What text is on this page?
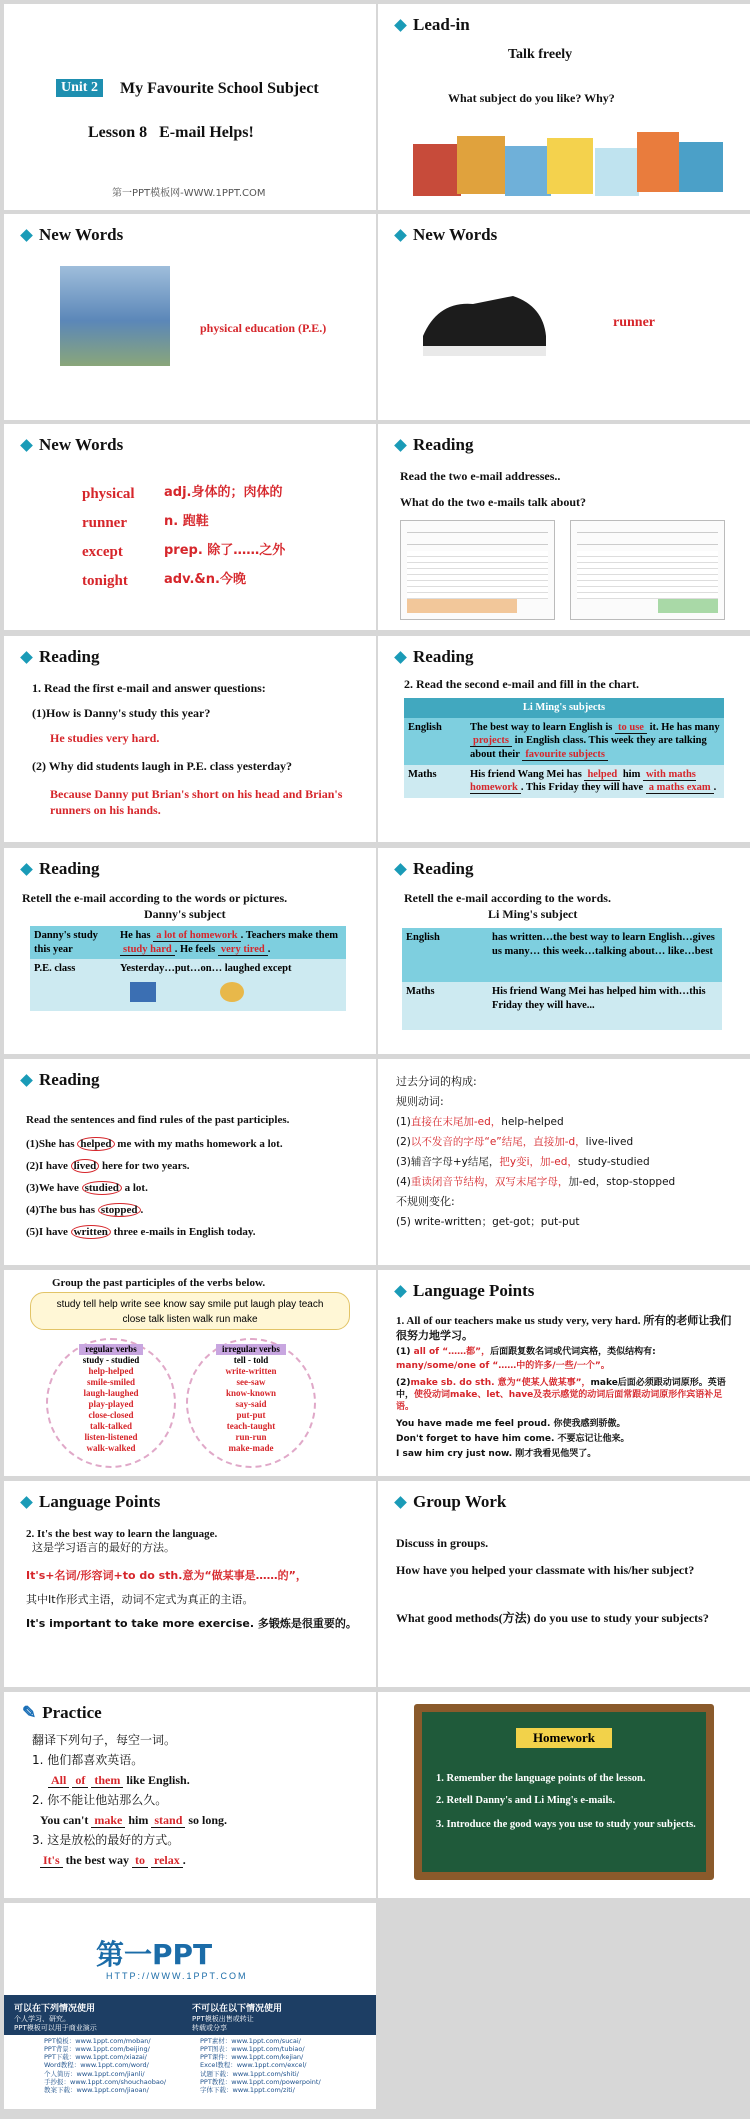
Unit 2	My Favourite School Subject
Lesson 8   E-mail Helps!
第一PPT模板网-WWW.1PPT.COM
Lead-in
Talk freely
What subject do you like? Why?
New Words
physical education (P.E.)
New Words
runner
New Words
physical adj.身体的；肉体的
runner	n. 跑鞋
except	prep. 除了……之外
tonight	adv.&n.今晚
Reading
Read the two e-mail addresses..
What do the two e-mails talk about?
Reading
1. Read the first e-mail and answer questions:
(1)How is Danny's study this year?
He studies very hard.
(2) Why did students laugh in P.E. class yesterday?
Because Danny put Brian's short on his head and Brian's runners on his hands.
Reading
2. Read the second e-mail and fill in the chart.
Li Ming's subjects	
English	The best way to learn English is to use it. He has many projects in English class. This week they are talking about their favourite subjects
Maths	His friend Wang Mei has helped him with maths homework . This Friday they will have a maths exam .
Reading
Retell the e-mail according to the words or pictures.
Danny's subject
Danny's study this year	He has a lot of homework . Teachers make them study hard . He feels very tired .
P.E. class	Yesterday…put…on… laughed except
Reading
Retell the e-mail according to the words.
Li Ming's subject
English	has written…the best way to learn English…gives us many… this week…talking about… like…best
Maths	His friend Wang Mei has helped him with…this Friday they will have...
Reading
Read the sentences and find rules of the past participles.
(1)She has helped me with my maths homework a lot.
(2)I have lived here for two years.
(3)We have studied a lot.
(4)The bus has stopped .
(5)I have written three e-mails in English today.
过去分词的构成:
规则动词:
(1)直接在末尾加-ed，help-helped
(2)以不发音的字母“e”结尾，直接加-d，live-lived
(3)辅音字母+y结尾，把y变i，加-ed，study-studied
(4)重读闭音节结构，双写末尾字母，加-ed，stop-stopped
不规则变化:
(5) write-written；get-got；put-put
Group the past participles of the verbs below.
study tell help write see know say smile put laugh play teach close talk listen walk run make
regular verbs
study - studied
help-helped
smile-smiled
laugh-laughed
play-played
close-closed
talk-talked
listen-listened
walk-walked
irregular verbs
tell - told
write-written
see-saw
know-known
say-said
put-put
teach-taught
run-run
make-made
Language Points
1. All of our teachers make us study very, very hard. 所有的老师让我们很努力地学习。
(1) all of “……都”，后面跟复数名词或代词宾格，类似结构有:
many/some/one of “……中的许多/一些/一个”。
(2)make sb. do sth. 意为“使某人做某事”，make后面必须跟动词原形。英语中，使役动词make、let、have及表示感觉的动词后面常跟动词原形作宾语补足语。
You have made me feel proud. 你使我感到骄傲。
Don't forget to have him come. 不要忘记让他来。
I saw him cry just now. 刚才我看见他哭了。
Language Points
2. It's the best way to learn the language.
这是学习语言的最好的方法。
It's+名词/形容词+to do sth.意为“做某事是……的”，
其中It作形式主语，动词不定式为真正的主语。
It's important to take more exercise. 多锻炼是很重要的。
Group Work
Discuss in groups.
How have you helped your classmate with his/her subject?
What good methods(方法) do you use to study your subjects?
✎ Practice
翻译下列句子，每空一词。
1. 他们都喜欢英语。
All of them like English.
2. 你不能让他站那么久。
You can't make him stand so long.
3. 这是放松的最好的方式。
It's the best way to relax .
Homework
1. Remember the language points of the lesson.
2. Retell Danny's and Li Ming's e-mails.
3. Introduce the good ways you use to study your subjects.
第一PPT
HTTP://WWW.1PPT.COM
可以在下列情况使用
个人学习、研究。
PPT模板可以用于商业演示
不可以在以下情况使用
PPT模板出售或转让
转载或分享
PPT模板：www.1ppt.com/moban/
PPT背景：www.1ppt.com/beijing/
PPT下载：www.1ppt.com/xiazai/
Word教程：www.1ppt.com/word/
个人简历：www.1ppt.com/jianli/
手抄报：www.1ppt.com/shouchaobao/
教案下载：www.1ppt.com/jiaoan/
PPT素材：www.1ppt.com/sucai/
PPT图表：www.1ppt.com/tubiao/
PPT课件：www.1ppt.com/kejian/
Excel教程：www.1ppt.com/excel/
试题下载：www.1ppt.com/shiti/
PPT教程：www.1ppt.com/powerpoint/
字体下载：www.1ppt.com/ziti/
